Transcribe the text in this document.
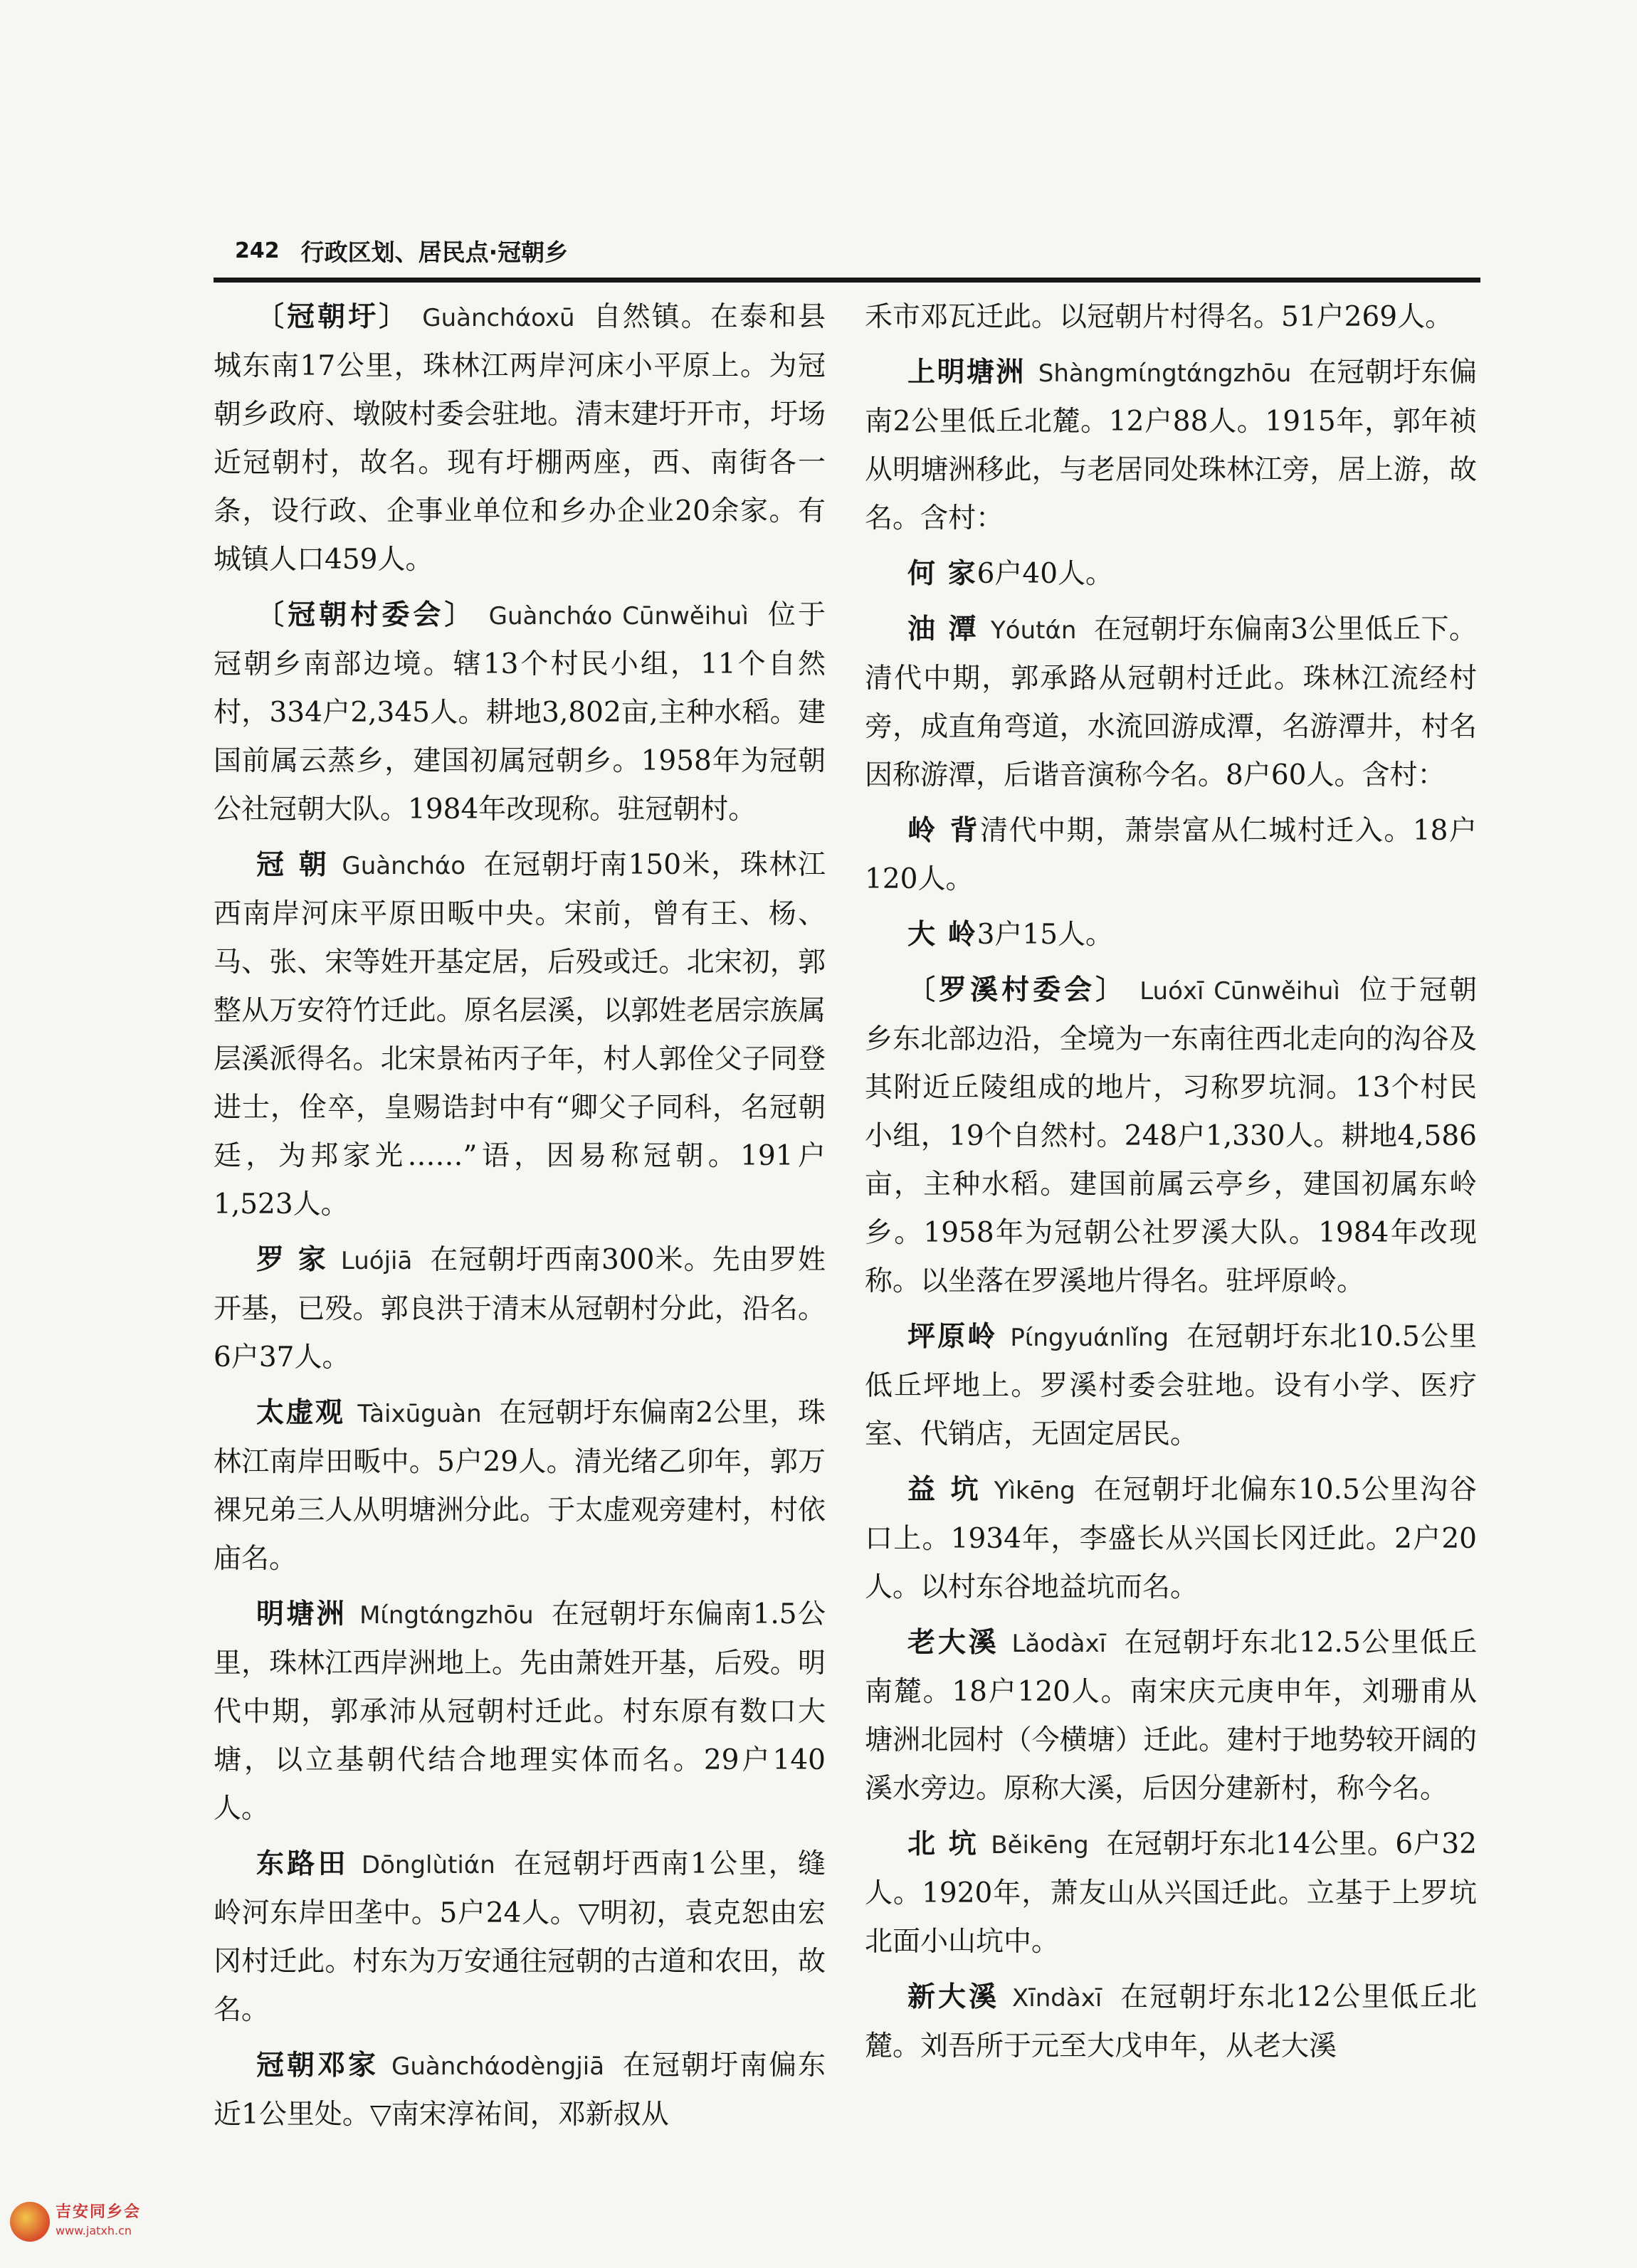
242 行政区划、居民点·冠朝乡

〔冠朝圩〕 Guànchάoxū 自然镇。在泰和县城东南17公里，珠林江两岸河床小平原上。为冠朝乡政府、墩陂村委会驻地。清末建圩开市，圩场近冠朝村，故名。现有圩棚两座，西、南街各一条，设行政、企事业单位和乡办企业20余家。有城镇人口459人。

〔冠朝村委会〕 Guànchάo Cūnwěihuì 位于冠朝乡南部边境。辖13个村民小组，11个自然村，334户2,345人。耕地3,802亩,主种水稻。建国前属云蒸乡，建国初属冠朝乡。1958年为冠朝公社冠朝大队。1984年改现称。驻冠朝村。

冠 朝 Guànchάo 在冠朝圩南150米，珠林江西南岸河床平原田畈中央。宋前，曾有王、杨、马、张、宋等姓开基定居，后殁或迁。北宋初，郭整从万安符竹迁此。原名层溪，以郭姓老居宗族属层溪派得名。北宋景祐丙子年，村人郭佺父子同登进士，佺卒，皇赐诰封中有“卿父子同科，名冠朝廷，为邦家光……”语，因易称冠朝。191户1,523人。

罗 家 Luόjiā 在冠朝圩西南300米。先由罗姓开基，已殁。郭良洪于清末从冠朝村分此，沿名。6户37人。

太虚观 Tàixūguàn 在冠朝圩东偏南2公里，珠林江南岸田畈中。5户29人。清光绪乙卯年，郭万裸兄弟三人从明塘洲分此。于太虚观旁建村，村依庙名。

明塘洲 Mίngtάngzhōu 在冠朝圩东偏南1.5公里，珠林江西岸洲地上。先由萧姓开基，后殁。明代中期，郭承沛从冠朝村迁此。村东原有数口大塘，以立基朝代结合地理实体而名。29户140人。

东路田 Dōnglùtiάn 在冠朝圩西南1公里，缝岭河东岸田垄中。5户24人。▽明初，袁克恕由宏冈村迁此。村东为万安通往冠朝的古道和农田，故名。

冠朝邓家 Guànchάodèngjiā 在冠朝圩南偏东近1公里处。▽南宋淳祐间，邓新叔从

禾市邓瓦迁此。以冠朝片村得名。51户269人。

上明塘洲 Shàngmίngtάngzhōu 在冠朝圩东偏南2公里低丘北麓。12户88人。1915年，郭年祯从明塘洲移此，与老居同处珠林江旁，居上游，故名。含村：

何 家6户40人。

油 潭 Yόutάn 在冠朝圩东偏南3公里低丘下。清代中期，郭承路从冠朝村迁此。珠林江流经村旁，成直角弯道，水流回游成潭，名游潭井，村名因称游潭，后谐音演称今名。8户60人。含村：

岭 背清代中期，萧崇富从仁城村迁入。18户120人。

大 岭3户15人。

〔罗溪村委会〕 Luόxī Cūnwěihuì 位于冠朝乡东北部边沿，全境为一东南往西北走向的沟谷及其附近丘陵组成的地片，习称罗坑洞。13个村民小组，19个自然村。248户1,330人。耕地4,586亩，主种水稻。建国前属云亭乡，建国初属东岭乡。1958年为冠朝公社罗溪大队。1984年改现称。以坐落在罗溪地片得名。驻坪原岭。

坪原岭 Pίngyuάnlǐng 在冠朝圩东北10.5公里低丘坪地上。罗溪村委会驻地。设有小学、医疗室、代销店，无固定居民。

益 坑 Yìkēng 在冠朝圩北偏东10.5公里沟谷口上。1934年，李盛长从兴国长冈迁此。2户20人。以村东谷地益坑而名。

老大溪 Lǎodàxī 在冠朝圩东北12.5公里低丘南麓。18户120人。南宋庆元庚申年，刘珊甫从塘洲北园村（今横塘）迁此。建村于地势较开阔的溪水旁边。原称大溪，后因分建新村，称今名。

北 坑 Běikēng 在冠朝圩东北14公里。6户32人。1920年，萧友山从兴国迁此。立基于上罗坑北面小山坑中。

新大溪 Xīndàxī 在冠朝圩东北12公里低丘北麓。刘吾所于元至大戊申年，从老大溪

吉安同乡会
www.jatxh.cn
